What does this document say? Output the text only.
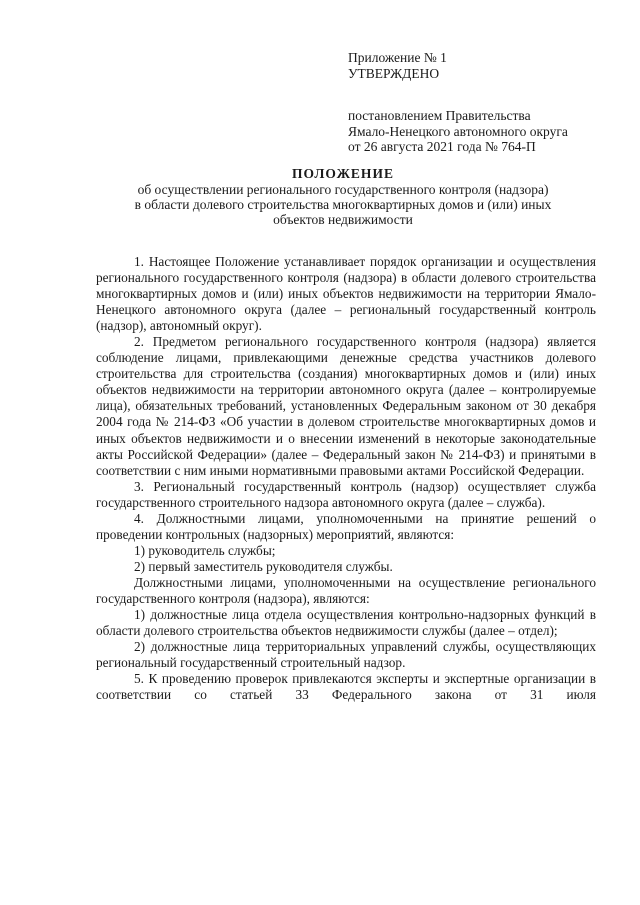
Приложение № 1
УТВЕРЖДЕНО
постановлением Правительства
Ямало-Ненецкого автономного округа
от 26 августа 2021 года № 764-П
ПОЛОЖЕНИЕ
об осуществлении регионального государственного контроля (надзора)
в области долевого строительства многоквартирных домов и (или) иных
объектов недвижимости

1. Настоящее Положение устанавливает порядок организации и осуществления регионального государственного контроля (надзора) в области долевого строительства многоквартирных домов и (или) иных объектов недвижимости на территории Ямало-Ненецкого автономного округа (далее – региональный государственный контроль (надзор), автономный округ).

2. Предметом регионального государственного контроля (надзора) является соблюдение лицами, привлекающими денежные средства участников долевого строительства для строительства (создания) многоквартирных домов и (или) иных объектов недвижимости на территории автономного округа (далее – контролируемые лица), обязательных требований, установленных Федеральным законом от 30 декабря 2004 года № 214-ФЗ «Об участии в долевом строительстве многоквартирных домов и иных объектов недвижимости и о внесении изменений в некоторые законодательные акты Российской Федерации» (далее – Федеральный закон № 214-ФЗ) и принятыми в соответствии с ним иными нормативными правовыми актами Российской Федерации.

3. Региональный государственный контроль (надзор) осуществляет служба государственного строительного надзора автономного округа (далее – служба).

4. Должностными лицами, уполномоченными на принятие решений о проведении контрольных (надзорных) мероприятий, являются:

1) руководитель службы;

2) первый заместитель руководителя службы.

Должностными лицами, уполномоченными на осуществление регионального государственного контроля (надзора), являются:

1) должностные лица отдела осуществления контрольно-надзорных функций в области долевого строительства объектов недвижимости службы (далее – отдел);

2) должностные лица территориальных управлений службы, осуществляющих региональный государственный строительный надзор.

5. К проведению проверок привлекаются эксперты и экспертные организации в соответствии со статьей 33 Федерального закона от 31 июля
